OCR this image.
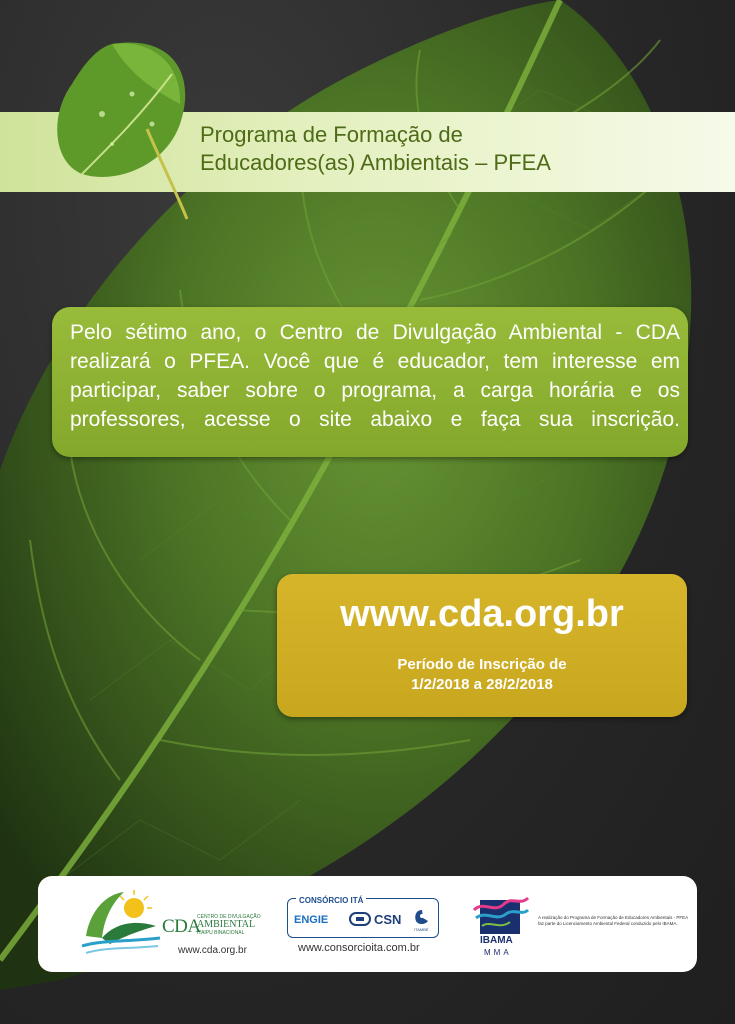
Programa de Formação de
Educadores(as) Ambientais – PFEA
Pelo sétimo ano, o Centro de Divulgação Ambiental - CDA
realizará o PFEA. Você que é educador, tem interesse em
participar, saber sobre o programa, a carga horária e os
professores, acesse o site abaixo e faça sua inscrição.
www.cda.org.br
Período de Inscrição de
1/2/2018 a 28/2/2018
CDA
CENTRO DE DIVULGAÇÃO
AMBIENTAL
ITAIPU BINACIONAL
www.cda.org.br
CONSÓRCIO ITÁ
ENGIE	CSN
ITAMBÉ
www.consorcioita.com.br
IBAMA
MMA
A realização do Programa de Formação de Educadores Ambientais - PFEA
faz parte do Licenciamento Ambiental Federal conduzido pelo IBAMA.
